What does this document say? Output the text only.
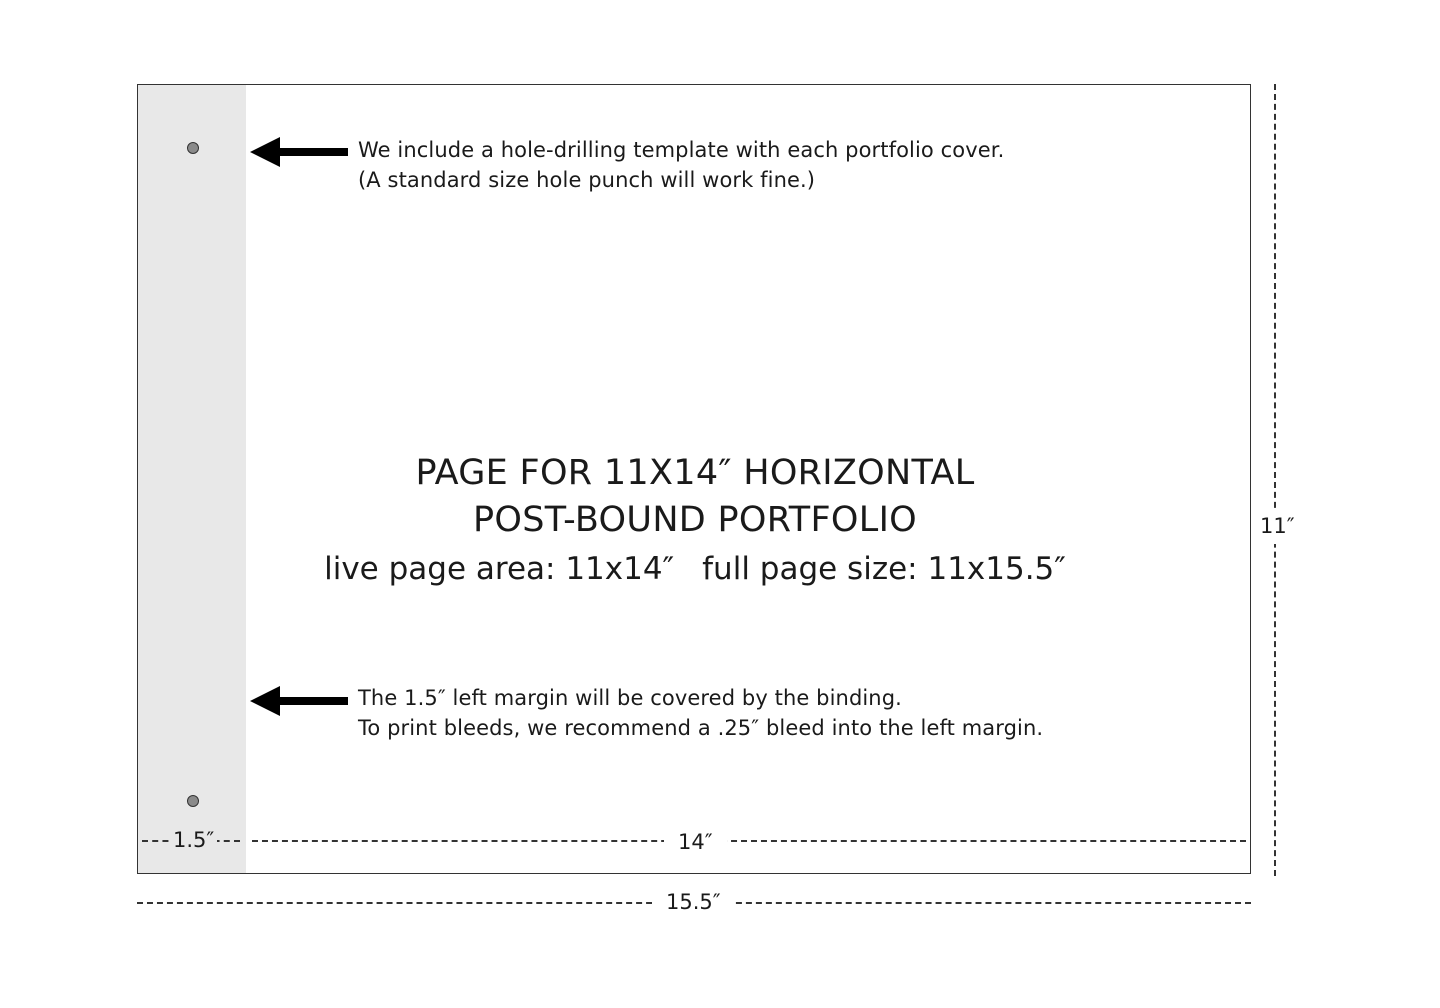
We include a hole-drilling template with each portfolio cover.
(A standard size hole punch will work fine.)
PAGE FOR 11X14″ HORIZONTAL
POST-BOUND PORTFOLIO
live page area: 11x14″ full page size: 11x15.5″
The 1.5″ left margin will be covered by the binding.
To print bleeds, we recommend a .25″ bleed into the left margin.
1.5″	14″
15.5″
11″
